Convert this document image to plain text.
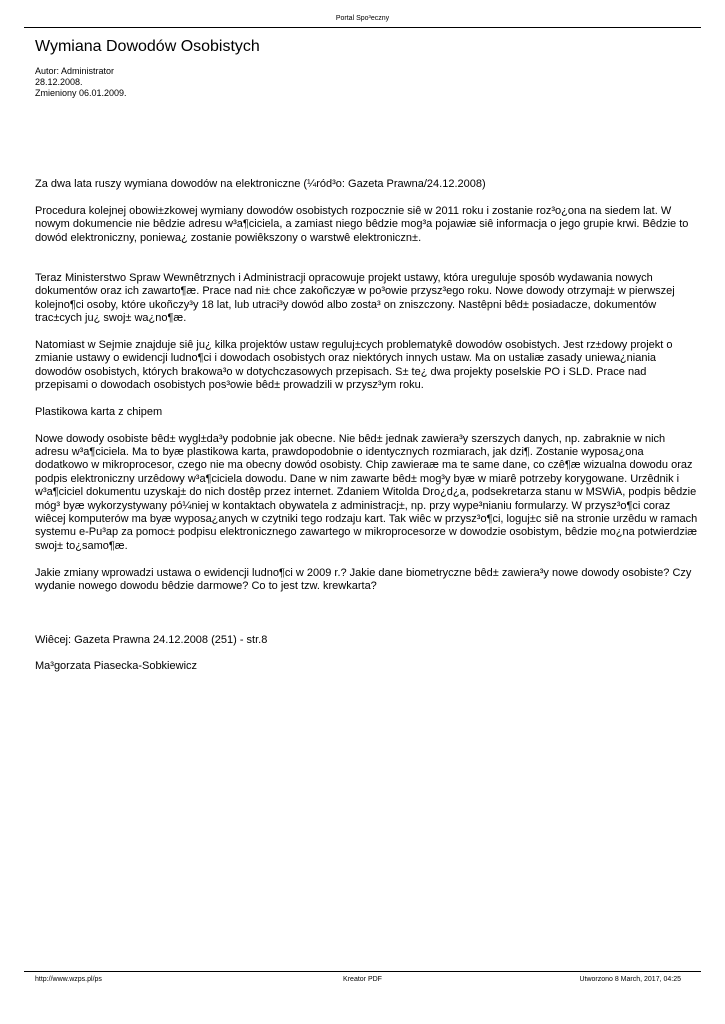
Portal Spo³eczny
Wymiana Dowodów Osobistych
Autor: Administrator
28.12.2008.
Zmieniony 06.01.2009.

Za dwa lata ruszy wymiana dowodów na elektroniczne (¼ród³o: Gazeta Prawna/24.12.2008)

Procedura kolejnej obowi±zkowej wymiany dowodów osobistych rozpocznie siê w 2011 roku i zostanie roz³o¿ona na siedem lat. W nowym dokumencie nie bêdzie adresu w³a¶ciciela, a zamiast niego bêdzie mog³a pojawiæ siê informacja o jego grupie krwi. Bêdzie to dowód elektroniczny, poniewa¿ zostanie powiêkszony o warstwê elektroniczn±.

Teraz Ministerstwo Spraw Wewnêtrznych i Administracji opracowuje projekt ustawy, która ureguluje sposób wydawania nowych dokumentów oraz ich zawarto¶æ. Prace nad ni± chce zakoñczyæ w po³owie przysz³ego roku. Nowe dowody otrzymaj± w pierwszej kolejno¶ci osoby, które ukoñczy³y 18 lat, lub utraci³y dowód albo zosta³ on zniszczony. Nastêpni bêd± posiadacze, dokumentów trac±cych ju¿ swoj± wa¿no¶æ.

Natomiast w Sejmie znajduje siê ju¿ kilka projektów ustaw reguluj±cych problematykê dowodów osobistych. Jest rz±dowy projekt o zmianie ustawy o ewidencji ludno¶ci i dowodach osobistych oraz niektórych innych ustaw. Ma on ustaliæ zasady uniewa¿niania dowodów osobistych, których brakowa³o w dotychczasowych przepisach. S± te¿ dwa projekty poselskie PO i SLD. Prace nad przepisami o dowodach osobistych pos³owie bêd± prowadzili w przysz³ym roku.

Plastikowa karta z chipem

Nowe dowody osobiste bêd± wygl±da³y podobnie jak obecne. Nie bêd± jednak zawiera³y szerszych danych, np. zabraknie w nich adresu w³a¶ciciela. Ma to byæ plastikowa karta, prawdopodobnie o identycznych rozmiarach, jak dzi¶. Zostanie wyposa¿ona dodatkowo w mikroprocesor, czego nie ma obecny dowód osobisty. Chip zawieraæ ma te same dane, co czê¶æ wizualna dowodu oraz podpis elektroniczny urzêdowy w³a¶ciciela dowodu. Dane w nim zawarte bêd± mog³y byæ w miarê potrzeby korygowane. Urzêdnik i w³a¶ciciel dokumentu uzyskaj± do nich dostêp przez internet. Zdaniem Witolda Dro¿d¿a, podsekretarza stanu w MSWiA, podpis bêdzie móg³ byæ wykorzystywany pó¼niej w kontaktach obywatela z administracj±, np. przy wype³nianiu formularzy. W przysz³o¶ci coraz wiêcej komputerów ma byæ wyposa¿anych w czytniki tego rodzaju kart. Tak wiêc w przysz³o¶ci, loguj±c siê na stronie urzêdu w ramach systemu e-Pu³ap za pomoc± podpisu elektronicznego zawartego w mikroprocesorze w dowodzie osobistym, bêdzie mo¿na potwierdziæ swoj± to¿samo¶æ.

Jakie zmiany wprowadzi ustawa o ewidencji ludno¶ci w 2009 r.? Jakie dane biometryczne bêd± zawiera³y nowe dowody osobiste? Czy wydanie nowego dowodu bêdzie darmowe? Co to jest tzw. krewkarta?

Wiêcej: Gazeta Prawna 24.12.2008 (251) - str.8

Ma³gorzata Piasecka-Sobkiewicz

http://www.wzps.pl/ps	Kreator PDF	Utworzono 8 March, 2017, 04:25
